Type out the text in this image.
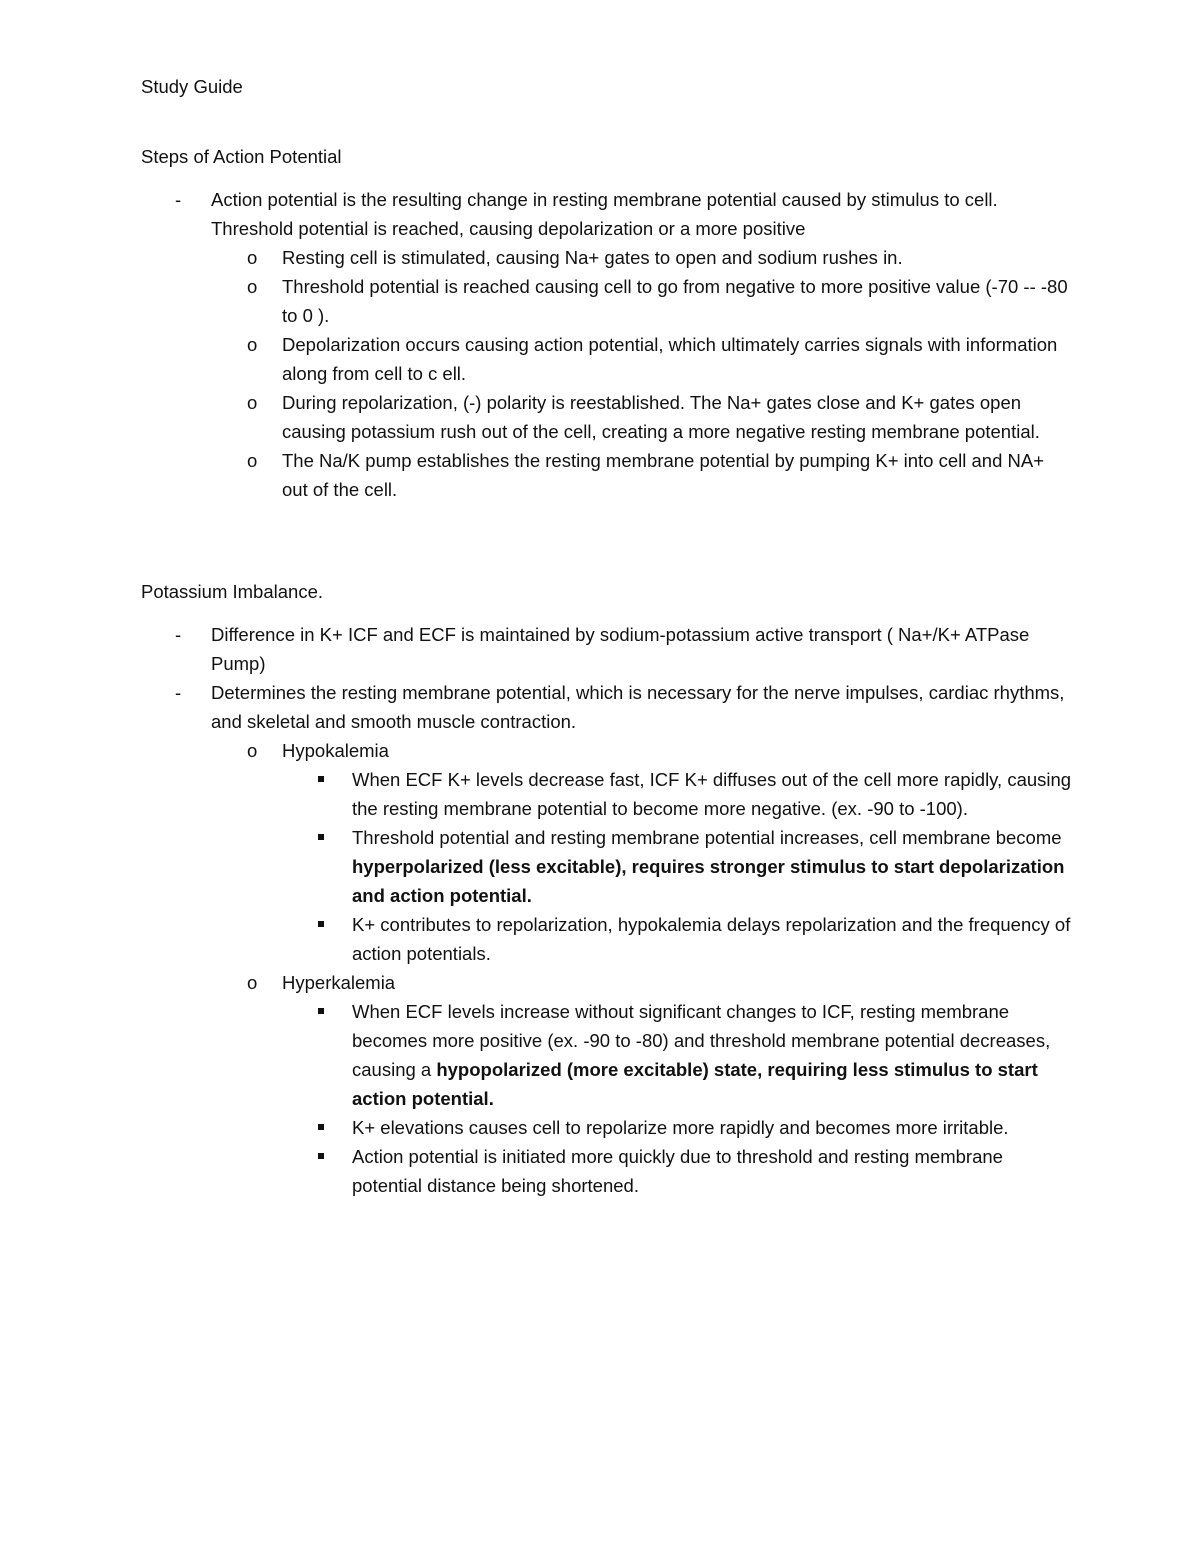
Study Guide
Steps of Action Potential
- Action potential is the resulting change in resting membrane potential caused by stimulus to cell. Threshold potential is reached, causing depolarization or a more positive
o Resting cell is stimulated, causing Na+ gates to open and sodium rushes in.
o Threshold potential is reached causing cell to go from negative to more positive value (-70 -- -80 to 0 ).
o Depolarization occurs causing action potential, which ultimately carries signals with information along from cell to c ell.
o During repolarization, (-) polarity is reestablished. The Na+ gates close and K+ gates open causing potassium rush out of the cell, creating a more negative resting membrane potential.
o The Na/K pump establishes the resting membrane potential by pumping K+ into cell and NA+ out of the cell.
Potassium Imbalance.
- Difference in K+ ICF and ECF is maintained by sodium-potassium active transport ( Na+/K+ ATPase Pump)
- Determines the resting membrane potential, which is necessary for the nerve impulses, cardiac rhythms, and skeletal and smooth muscle contraction.
o Hypokalemia
When ECF K+ levels decrease fast, ICF K+ diffuses out of the cell more rapidly, causing the resting membrane potential to become more negative. (ex. -90 to -100).
Threshold potential and resting membrane potential increases, cell membrane become hyperpolarized (less excitable), requires stronger stimulus to start depolarization and action potential.
K+ contributes to repolarization, hypokalemia delays repolarization and the frequency of action potentials.
o Hyperkalemia
When ECF levels increase without significant changes to ICF, resting membrane becomes more positive (ex. -90 to -80) and threshold membrane potential decreases, causing a hypopolarized (more excitable) state, requiring less stimulus to start action potential.
K+ elevations causes cell to repolarize more rapidly and becomes more irritable.
Action potential is initiated more quickly due to threshold and resting membrane potential distance being shortened.
